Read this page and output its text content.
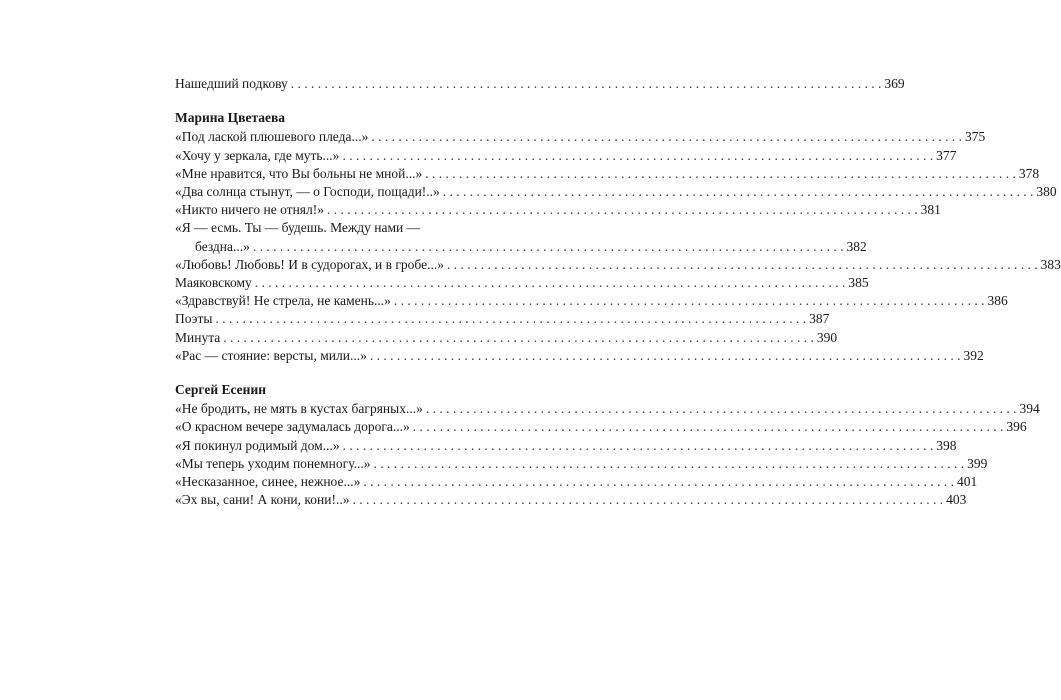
Нашедший подкову . . .	369
Марина Цветаева
«Под лаской плюшевого пледа...» . . .	375
«Хочу у зеркала, где муть...» . . .	377
«Мне нравится, что Вы больны не мной...» . . .	378
«Два солнца стынут, — о Господи, пощади!..» . . .	380
«Никто ничего не отнял!» . . .	381
«Я — есмь. Ты — будешь. Между нами —
бездна...» . . .	382
«Любовь! Любовь! И в судорогах, и в гробе...» . . .	383
Маяковскому . . .	385
«Здравствуй! Не стрела, не камень...» . . .	386
Поэты . . .	387
Минута . . .	390
«Рас — стояние: версты, мили...» . . .	392
Сергей Есенин
«Не бродить, не мять в кустах багряных...» . . .	394
«О красном вечере задумалась дорога...» . . .	396
«Я покинул родимый дом...» . . .	398
«Мы теперь уходим понемногу...» . . .	399
«Несказанное, синее, нежное...» . . .	401
«Эх вы, сани! А кони, кони!..» . . .	403
